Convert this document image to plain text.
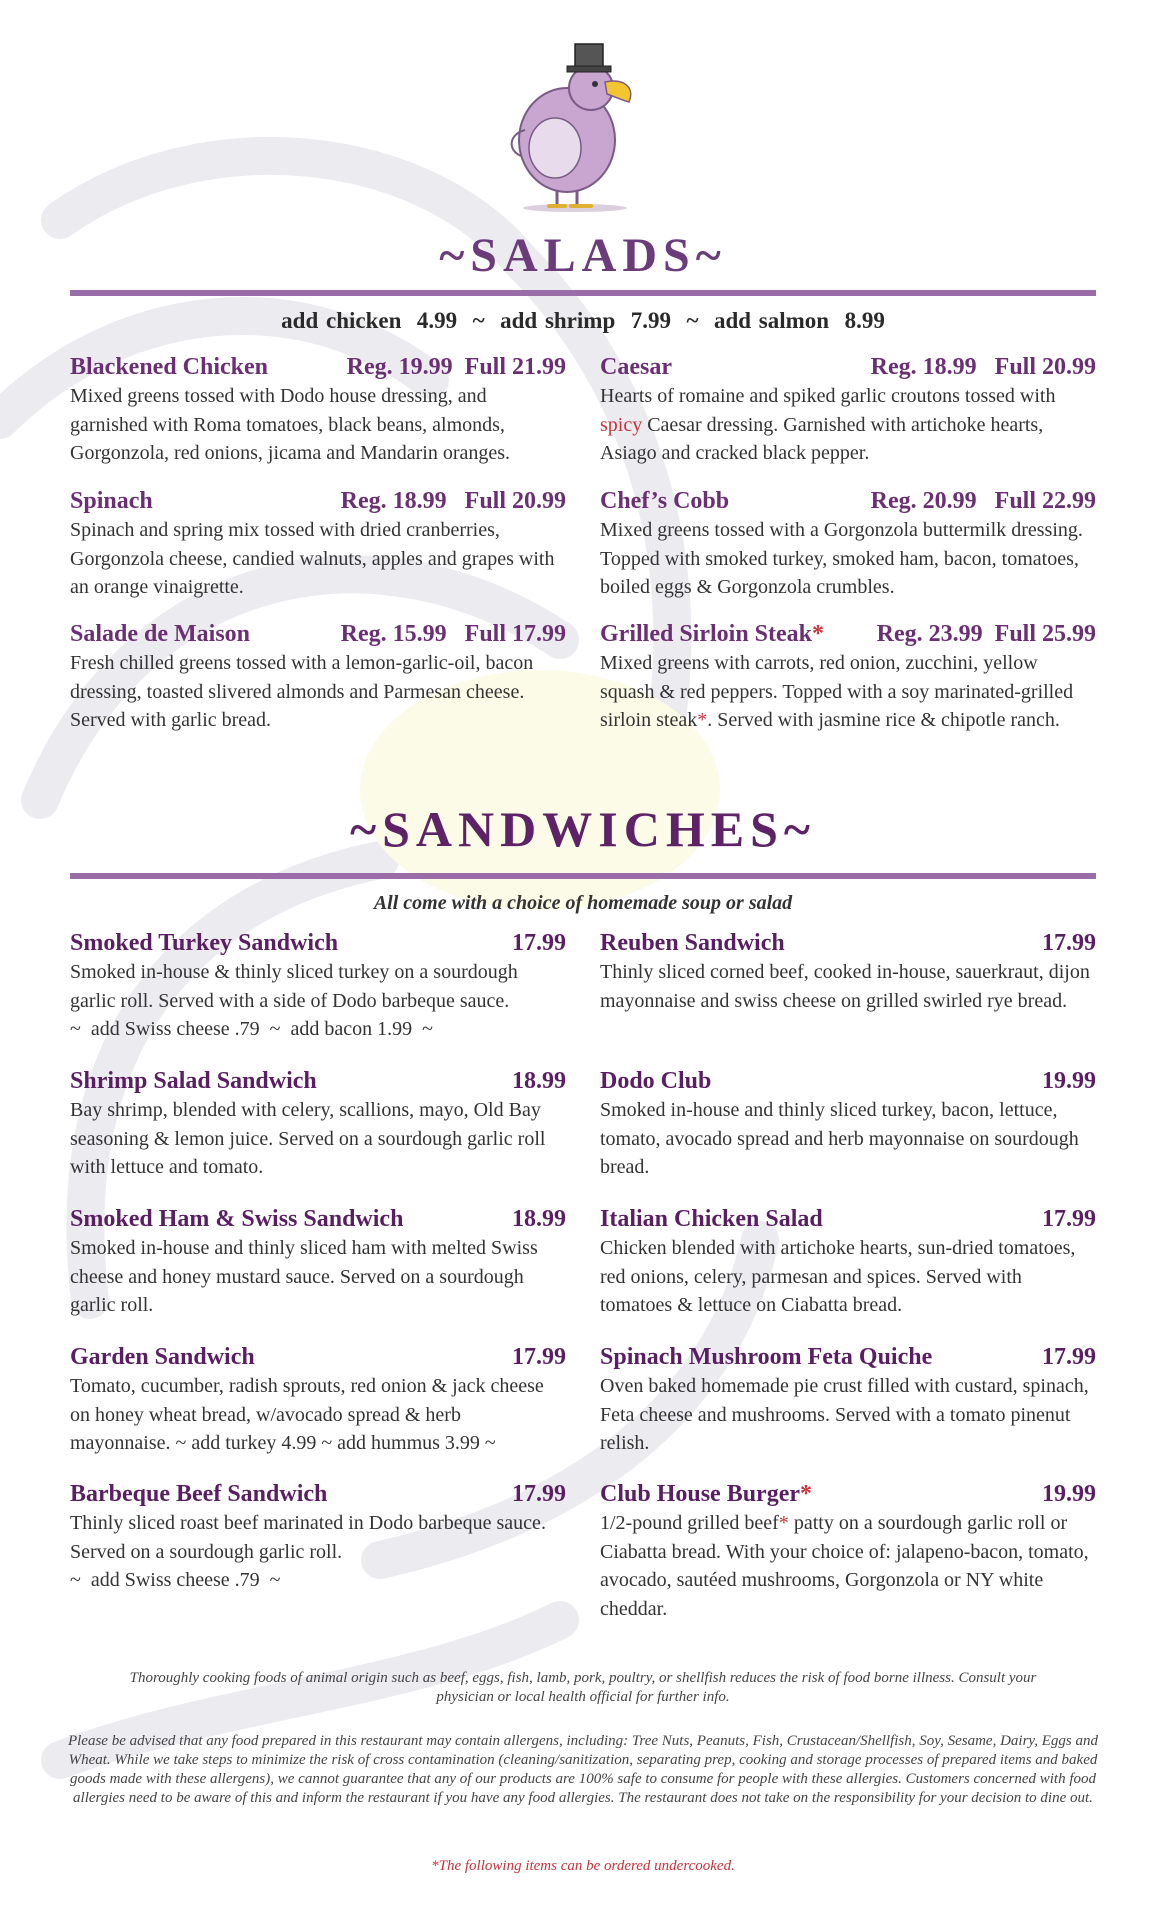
~SALADS~
add chicken  4.99  ~  add shrimp  7.99  ~  add salmon  8.99
Blackened Chicken	Reg. 19.99  Full 21.99
Mixed greens tossed with Dodo house dressing, and garnished with Roma tomatoes, black beans, almonds, Gorgonzola, red onions, jicama and Mandarin oranges.
Caesar	Reg. 18.99   Full 20.99
Hearts of romaine and spiked garlic croutons tossed with spicy Caesar dressing. Garnished with artichoke hearts, Asiago and cracked black pepper.
Spinach	Reg. 18.99   Full 20.99
Spinach and spring mix tossed with dried cranberries, Gorgonzola cheese, candied walnuts, apples and grapes with an orange vinaigrette.
Chef’s Cobb	Reg. 20.99   Full 22.99
Mixed greens tossed with a Gorgonzola buttermilk dressing. Topped with smoked turkey, smoked ham, bacon, tomatoes, boiled eggs & Gorgonzola crumbles.
Salade de Maison	Reg. 15.99   Full 17.99
Fresh chilled greens tossed with a lemon-garlic-oil, bacon dressing, toasted slivered almonds and Parmesan cheese. Served with garlic bread.
Grilled Sirloin Steak* Reg. 23.99  Full 25.99
Mixed greens with carrots, red onion, zucchini, yellow squash & red peppers. Topped with a soy marinated-grilled sirloin steak*. Served with jasmine rice & chipotle ranch.
~SANDWICHES~
All come with a choice of homemade soup or salad
Smoked Turkey Sandwich	17.99
Smoked in-house & thinly sliced turkey on a sourdough garlic roll. Served with a side of Dodo barbeque sauce.
~  add Swiss cheese .79  ~  add bacon 1.99  ~
Reuben Sandwich	17.99
Thinly sliced corned beef, cooked in-house, sauerkraut, dijon mayonnaise and swiss cheese on grilled swirled rye bread.
Shrimp Salad Sandwich	18.99
Bay shrimp, blended with celery, scallions, mayo, Old Bay seasoning & lemon juice. Served on a sourdough garlic roll with lettuce and tomato.
Dodo Club	19.99
Smoked in-house and thinly sliced turkey, bacon, lettuce, tomato, avocado spread and herb mayonnaise on sourdough bread.
Smoked Ham & Swiss Sandwich	18.99
Smoked in-house and thinly sliced ham with melted Swiss cheese and honey mustard sauce. Served on a sourdough garlic roll.
Italian Chicken Salad	17.99
Chicken blended with artichoke hearts, sun-dried tomatoes, red onions, celery, parmesan and spices. Served with tomatoes & lettuce on Ciabatta bread.
Garden Sandwich	17.99
Tomato, cucumber, radish sprouts, red onion & jack cheese on honey wheat bread, w/avocado spread & herb mayonnaise. ~ add turkey 4.99 ~ add hummus 3.99 ~
Spinach Mushroom Feta Quiche	17.99
Oven baked homemade pie crust filled with custard, spinach, Feta cheese and mushrooms. Served with a tomato pinenut relish.
Barbeque Beef Sandwich	17.99
Thinly sliced roast beef marinated in Dodo barbeque sauce. Served on a sourdough garlic roll.
~  add Swiss cheese .79  ~
Club House Burger*	19.99
1/2-pound grilled beef* patty on a sourdough garlic roll or Ciabatta bread. With your choice of: jalapeno-bacon, tomato, avocado, sautéed mushrooms, Gorgonzola or NY white cheddar.

Thoroughly cooking foods of animal origin such as beef, eggs, fish, lamb, pork, poultry, or shellfish reduces the risk of food borne illness. Consult your physician or local health official for further info.

Please be advised that any food prepared in this restaurant may contain allergens, including: Tree Nuts, Peanuts, Fish, Crustacean/Shellfish, Soy, Sesame, Dairy, Eggs and Wheat. While we take steps to minimize the risk of cross contamination (cleaning/sanitization, separating prep, cooking and storage processes of prepared items and baked goods made with these allergens), we cannot guarantee that any of our products are 100% safe to consume for people with these allergies. Customers concerned with food allergies need to be aware of this and inform the restaurant if you have any food allergies. The restaurant does not take on the responsibility for your decision to dine out.

*The following items can be ordered undercooked.
